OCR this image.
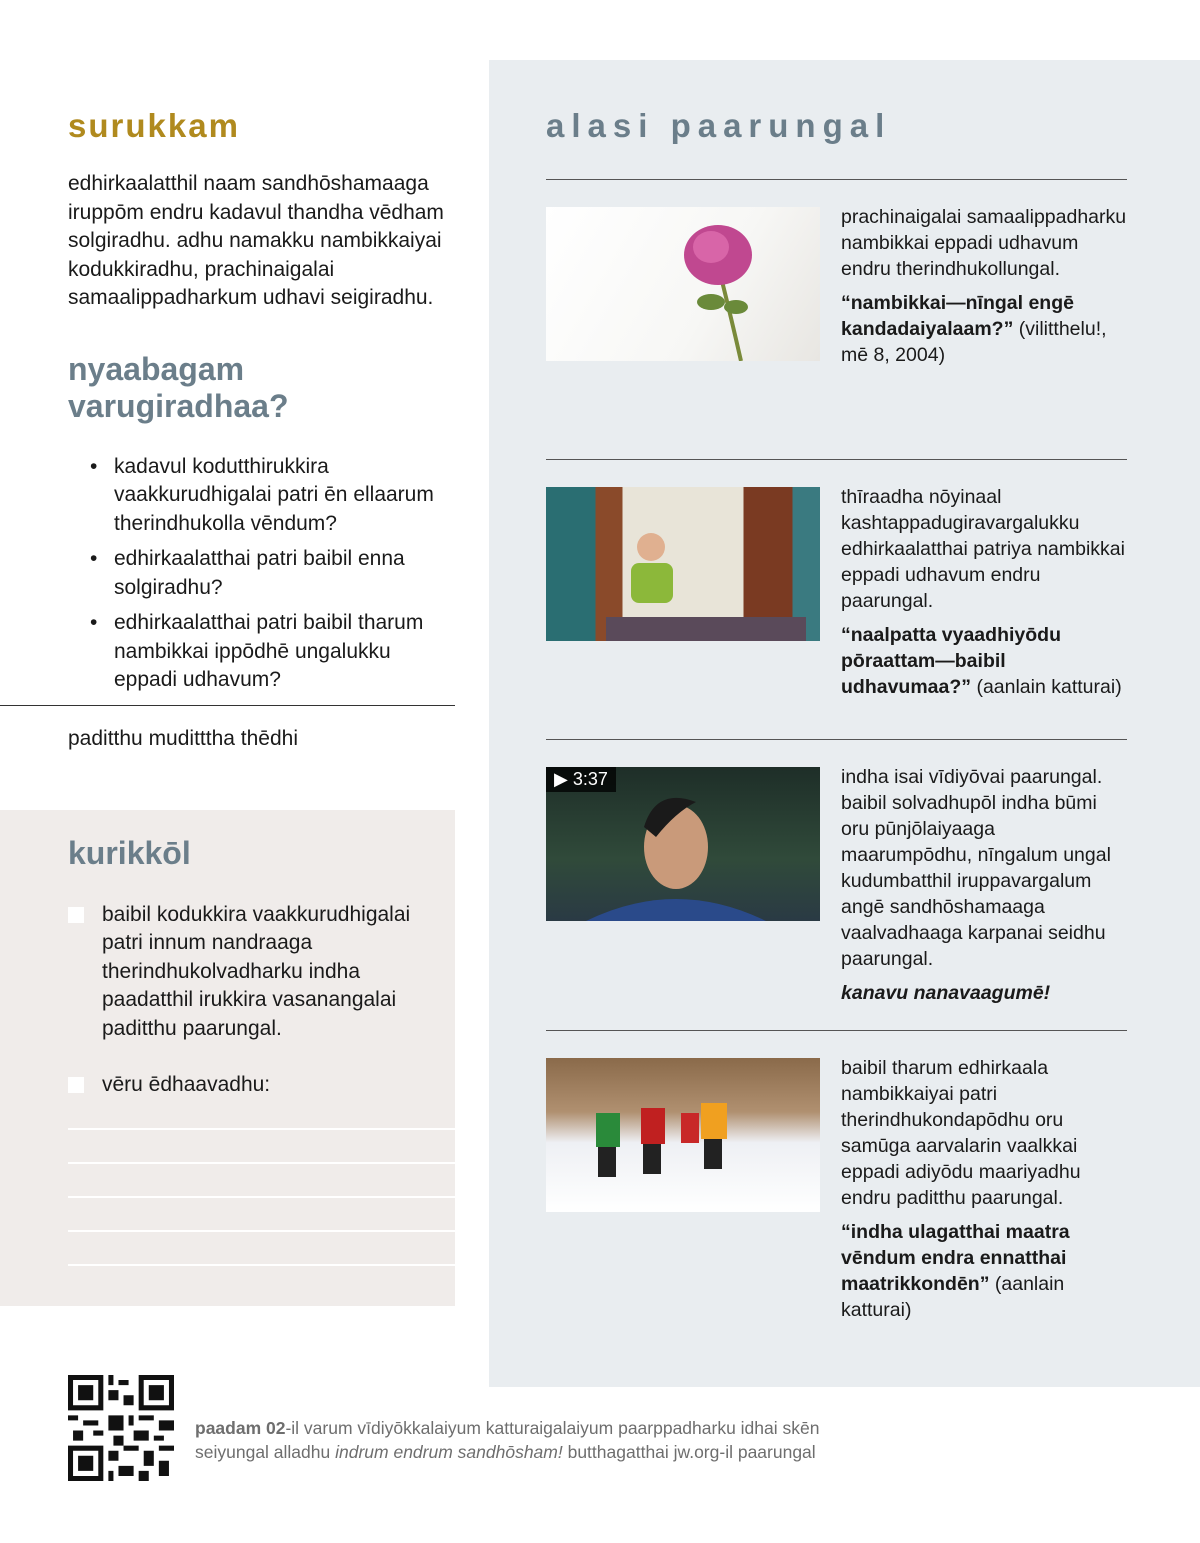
alasi paarungal
prachinaigalai samaalippadharku nambikkai eppadi udhavum endru therindhukollungal.
“nambikkai—nīngal engē kandadaiyalaam?” (vilitthelu!, mē 8, 2004)
thīraadha nōyinaal kashtappadugiravargalukku edhirkaalatthai patriya nambikkai eppadi udhavum endru paarungal.
“naalpatta vyaadhiyōdu pōraattam—baibil udhavumaa?” (aanlain katturai)
▶ 3:37	indha isai vīdiyōvai paarungal. baibil solvadhupōl indha būmi oru pūnjōlaiyaaga maarumpōdhu, nīngalum ungal kudumbatthil iruppavargalum angē sandhōshamaaga vaalvadhaaga karpanai seidhu paarungal.
kanavu nanavaagumē!
baibil tharum edhirkaala nambikkaiyai patri therindhukondapōdhu oru samūga aarvalarin vaalkkai eppadi adiyōdu maariyadhu endru paditthu paarungal.
“indha ulagatthai maatra vēndum endra ennatthai maatrikkondēn” (aanlain katturai)
surukkam

edhirkaalatthil naam sandhōshamaaga iruppōm endru kadavul thandha vēdham solgiradhu. adhu namakku nambikkaiyai kodukkiradhu, prachinaigalai samaalippadharkum udhavi seigiradhu.

nyaabagam varugiradhaa?
• kadavul kodutthirukkira vaakkurudhigalai patri ēn ellaarum therindhukolla vēndum?
• edhirkaalatthai patri baibil enna solgiradhu?
• edhirkaalatthai patri baibil tharum nambikkai ippōdhē ungalukku eppadi udhavum?
paditthu muditttha thēdhi
kurikkōl
baibil kodukkira vaakkurudhigalai patri innum nandraaga therindhukolvadharku indha paadatthil irukkira vasanangalai paditthu paarungal.
vēru ēdhaavadhu:
paadam 02-il varum vīdiyōkkalaiyum katturaigalaiyum paarppadharku idhai skēn seiyungal alladhu indrum endrum sandhōsham! butthagatthai jw.org-il paarungal
